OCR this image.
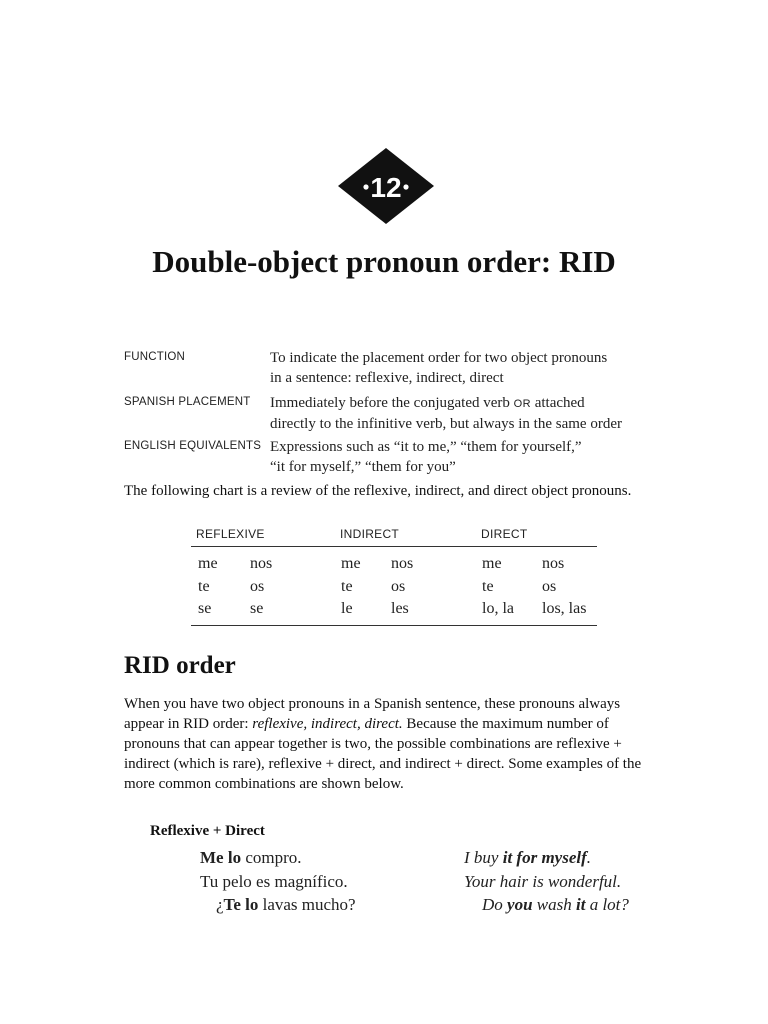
12
Double-object pronoun order: RID
FUNCTION	To indicate the placement order for two object pronouns
in a sentence: reflexive, indirect, direct
SPANISH PLACEMENT Immediately before the conjugated verb OR attached
directly to the infinitive verb, but always in the same order
ENGLISH EQUIVALENTS Expressions such as “it to me,” “them for yourself,”
“it for myself,” “them for you”
The following chart is a review of the reflexive, indirect, and direct object pronouns.
REFLEXIVE	INDIRECT	DIRECT
me nos	me nos	me	nos
te	os	te os	te	os
se se	le les	lo, la los, las
RID order
When you have two object pronouns in a Spanish sentence, these pronouns always appear in RID order: reflexive, indirect, direct. Because the maximum number of pronouns that can appear together is two, the possible combinations are reflexive + indirect (which is rare), reflexive + direct, and indirect + direct. Some examples of the more common combinations are shown below.
Reflexive + Direct
Me lo compro.	I buy it for myself.
Tu pelo es magnífico.	Your hair is wonderful.
¿Te lo lavas mucho?	Do you wash it a lot?
